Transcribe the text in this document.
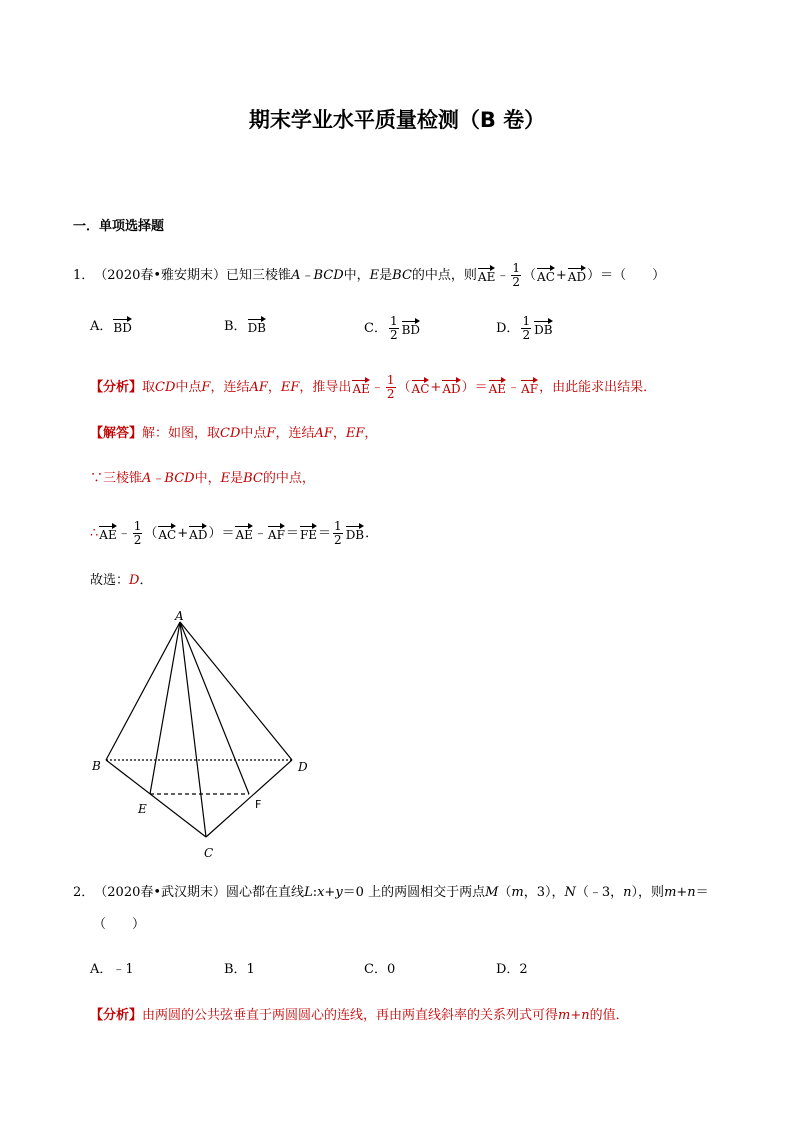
期末学业水平质量检测（B 卷）
一．单项选择题
1． （2020春•雅安期末） 已知三棱锥 A﹣BCD 中， E 是 BC 的中点，则 AE ﹣ $\frac{1}{2}$ （ AC + AD ）＝（　　）
A． BD	B． DB	C． $\frac{1}{2}$ BD	D． $\frac{1}{2}$ DB
【分析】 取 CD 中点 F ，连结 AF ， EF ，推导出 AE ﹣ $\frac{1}{2}$ （ AC + AD ）＝ AE ﹣ AF ，由此能求出结果．
【解答】 解：如图，取 CD 中点 F ，连结 AF ， EF ，
∵三棱锥 A﹣BCD 中， E 是 BC 的中点，
∴ AE ﹣ $\frac{1}{2}$ （ AC + AD ）＝ AE ﹣ AF ＝ FE ＝ $\frac{1}{2}$ DB ．
故选： D ．
A
B	D
E	F
C
2． （2020春•武汉期末） 圆心都在直线 L : x+y ＝0 上的两圆相交于两点 M （ m ，3）， N （﹣3， n ），则 m+n ＝
（　　）
A．﹣1	B．1	C．0	D．2
【分析】 由两圆的公共弦垂直于两圆圆心的连线，再由两直线斜率的关系列式可得 m+n 的值．
